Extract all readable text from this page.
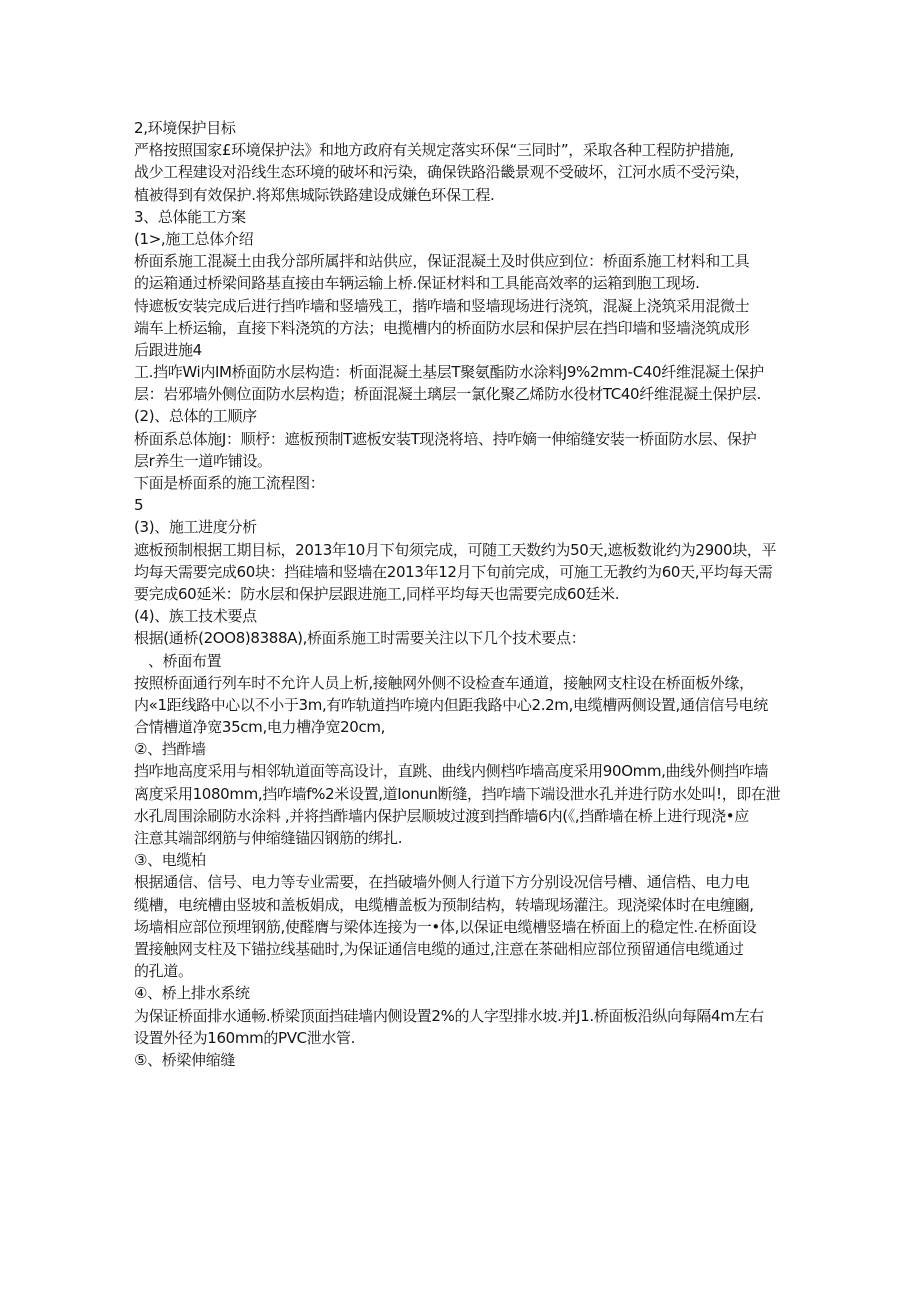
2,环境保护目标
严格按照国家£环境保护法》和地方政府有关规定落实环保“三同时”，采取各种工程防护措施,
战少工程建设对沿线生态环境的破坏和污染，确保铁路沿畿景观不受破坏，江河水质不受污染，
植被得到有效保护.将郑焦城际铁路建设成嫌色环保工程.
3、总体能工方案
(1>,施工总体介绍
桥面系施工混凝土由我分部所属拌和站供应，保证混凝土及时供应到位：桥面系施工材料和工具
的运箱通过桥梁间路基直接由车辆运输上桥.保证材料和工具能高效率的运箱到胞工现场.
恃遮板安装完成后进行挡咋墙和竖墙残工，揩咋墙和竖墙现场进行浇筑，混凝上浇筑采用混微士
端车上桥运输，直接下料浇筑的方法；电揽槽内的桥面防水层和保护层在挡印墙和竖墙浇筑成形
后跟进施4
工.挡咋Wi内IM桥面防水层构造：析面混凝土基层T聚氨酯防水涂料J9%2mm-C40纤维混凝土保护
层：岩邪墙外侧位面防水层构造；桥面混凝土璃层一氯化聚乙烯防水役材TC40纤维混凝土保护层.
(2)、总体的工顺序
桥面系总体施J：顺杼：遮板预制T遮板安装T现浇将培、持咋嫡一伸缩缝安装一桥面防水层、保护
层r养生一道咋铺设。
下面是桥面系的施工流程图：
5
(3)、施工进度分析
遮板预制根据工期目标，2013年10月下旬须完成，可随工天数约为50天,遮板数讹约为2900块，平
均每天需要完成60块：挡硅墙和竖墙在2013年12月下旬前完成，可施工无教约为60天,平均每天需
要完成60延米：防水层和保护层跟进施工,同样平均每天也需要完成60廷米.
(4)、族工技术要点
根据(通桥(2OO8)8388A),桥面系施工时需要关注以下几个技术要点：
、桥面布置
按照桥面通行列车时不允许人员上析,接触网外侧不设检查车通道，接触网支柱设在桥面板外缘，
内«1距线路中心以不小于3m,有咋轨道挡咋境内但距我路中心2.2m,电缆槽两侧设置,通信信号电统
合情槽道净宽35cm,电力槽净宽20cm,
②、挡酢墙
挡咋地高度采用与相邻轨道面等高设计，直跳、曲线内侧档咋墙高度采用90Omm,曲线外侧挡咋墙
离度采用1080mm,挡咋墙f%2米设置,道Ionun断缝，挡咋墙下端设泄水孔并进行防水处叫!，即在泄
水孔周围涂刷防水涂料 ,并将挡酢墙内保护层顺坡过渡到挡酢墙6内(《,挡酢墙在桥上进行现浇•应
注意其端部纲筋与伸缩缝锚囚钢筋的绑扎.
③、电缆柏
根据通信、信号、电力等专业需要，在挡破墙外侧人行道下方分别设况信号槽、通信梏、电力电
缆槽，电统槽由竖坡和盖板娟成，电缆槽盖板为预制结构，转墙现场灌注。现浇梁体时在电缠豳,
场墙相应部位预埋钢筋,使醛膺与梁体连接为一•体,以保证电缆槽竖墙在桥面上的稳定性.在桥面设
置接触网支柱及下锚拉线基础时,为保证通信电缆的通过,注意在茶础相应部位预留通信电缆通过
的孔道。
④、桥上排水系统
为保证桥面排水通畅.桥梁顶面挡硅墙内侧设置2%的人字型排水坡.并J1.桥面板沿纵向每隔4m左右
设置外径为160mm的PVC泄水管.
⑤、桥梁伸缩缝
